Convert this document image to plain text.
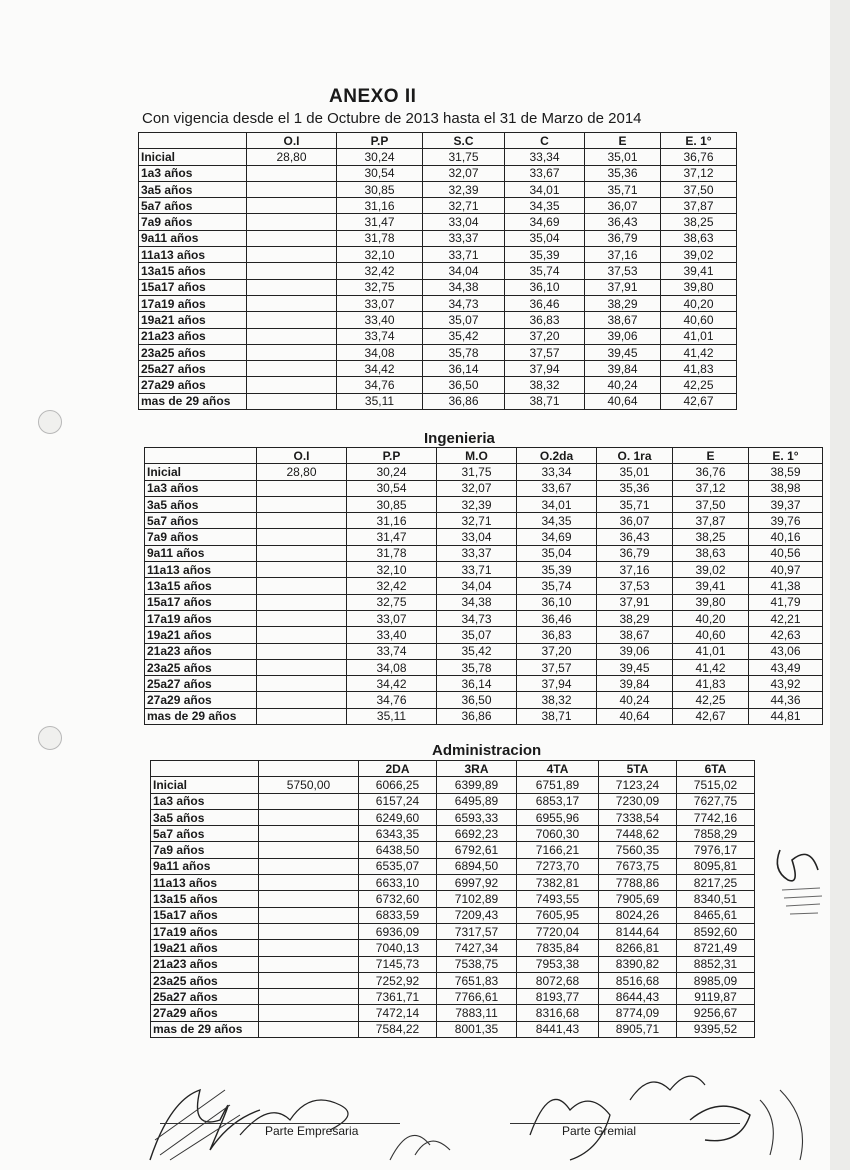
ANEXO II
Con vigencia desde el 1 de Octubre de 2013 hasta el 31 de Marzo de 2014
	O.I	P.P	S.C	C	E	E. 1°
Inicial	28,80	30,24	31,75	33,34	35,01	36,76
1a3 años		30,54	32,07	33,67	35,36	37,12
3a5 años		30,85	32,39	34,01	35,71	37,50
5a7 años		31,16	32,71	34,35	36,07	37,87
7a9 años		31,47	33,04	34,69	36,43	38,25
9a11 años		31,78	33,37	35,04	36,79	38,63
11a13 años		32,10	33,71	35,39	37,16	39,02
13a15 años		32,42	34,04	35,74	37,53	39,41
15a17 años		32,75	34,38	36,10	37,91	39,80
17a19 años		33,07	34,73	36,46	38,29	40,20
19a21 años		33,40	35,07	36,83	38,67	40,60
21a23 años		33,74	35,42	37,20	39,06	41,01
23a25 años		34,08	35,78	37,57	39,45	41,42
25a27 años		34,42	36,14	37,94	39,84	41,83
27a29 años		34,76	36,50	38,32	40,24	42,25
mas de 29 años		35,11	36,86	38,71	40,64	42,67
Ingenieria
	O.I	P.P	M.O	O.2da	O. 1ra	E	E. 1°
Inicial	28,80	30,24	31,75	33,34	35,01	36,76	38,59
1a3 años		30,54	32,07	33,67	35,36	37,12	38,98
3a5 años		30,85	32,39	34,01	35,71	37,50	39,37
5a7 años		31,16	32,71	34,35	36,07	37,87	39,76
7a9 años		31,47	33,04	34,69	36,43	38,25	40,16
9a11 años		31,78	33,37	35,04	36,79	38,63	40,56
11a13 años		32,10	33,71	35,39	37,16	39,02	40,97
13a15 años		32,42	34,04	35,74	37,53	39,41	41,38
15a17 años		32,75	34,38	36,10	37,91	39,80	41,79
17a19 años		33,07	34,73	36,46	38,29	40,20	42,21
19a21 años		33,40	35,07	36,83	38,67	40,60	42,63
21a23 años		33,74	35,42	37,20	39,06	41,01	43,06
23a25 años		34,08	35,78	37,57	39,45	41,42	43,49
25a27 años		34,42	36,14	37,94	39,84	41,83	43,92
27a29 años		34,76	36,50	38,32	40,24	42,25	44,36
mas de 29 años		35,11	36,86	38,71	40,64	42,67	44,81
Administracion
		2DA	3RA	4TA	5TA	6TA
Inicial	5750,00	6066,25	6399,89	6751,89	7123,24	7515,02
1a3 años		6157,24	6495,89	6853,17	7230,09	7627,75
3a5 años		6249,60	6593,33	6955,96	7338,54	7742,16
5a7 años		6343,35	6692,23	7060,30	7448,62	7858,29
7a9 años		6438,50	6792,61	7166,21	7560,35	7976,17
9a11 años		6535,07	6894,50	7273,70	7673,75	8095,81
11a13 años		6633,10	6997,92	7382,81	7788,86	8217,25
13a15 años		6732,60	7102,89	7493,55	7905,69	8340,51
15a17 años		6833,59	7209,43	7605,95	8024,26	8465,61
17a19 años		6936,09	7317,57	7720,04	8144,64	8592,60
19a21 años		7040,13	7427,34	7835,84	8266,81	8721,49
21a23 años		7145,73	7538,75	7953,38	8390,82	8852,31
23a25 años		7252,92	7651,83	8072,68	8516,68	8985,09
25a27 años		7361,71	7766,61	8193,77	8644,43	9119,87
27a29 años		7472,14	7883,11	8316,68	8774,09	9256,67
mas de 29 años		7584,22	8001,35	8441,43	8905,71	9395,52
Parte Empresaria	Parte Gremial
